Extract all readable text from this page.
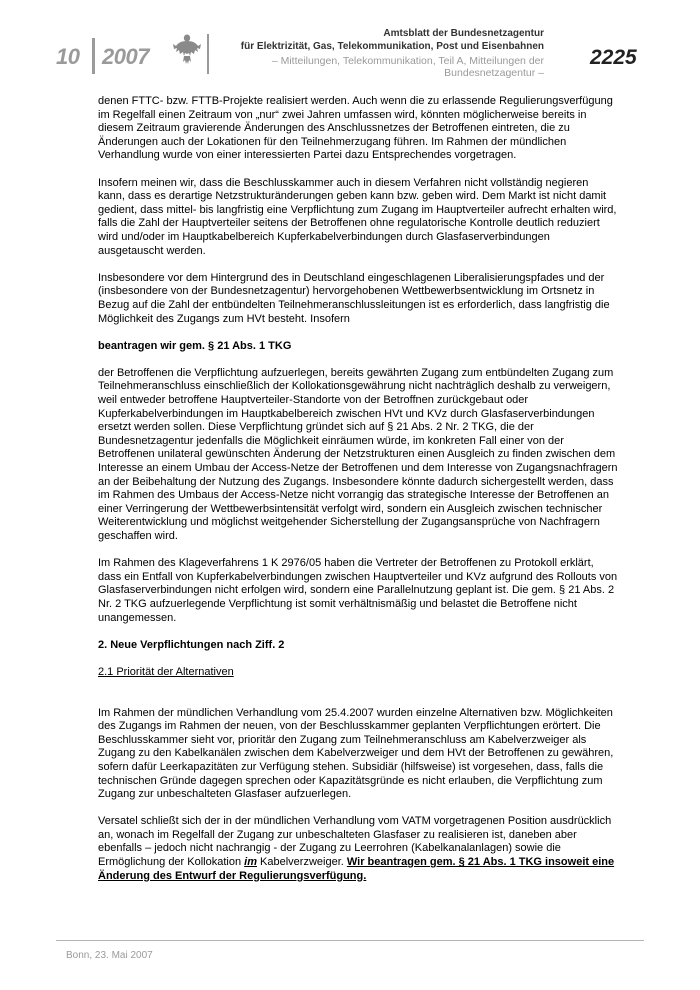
10 2007
Amtsblatt der Bundesnetzagentur
für Elektrizität, Gas, Telekommunikation, Post und Eisenbahnen
– Mitteilungen, Telekommunikation, Teil A, Mitteilungen der Bundesnetzagentur –
2225

denen FTTC- bzw. FTTB-Projekte realisiert werden. Auch wenn die zu erlassende Regulierungsverfügung im Regelfall einen Zeitraum von „nur“ zwei Jahren umfassen wird, könnten möglicherweise bereits in diesem Zeitraum gravierende Änderungen des Anschlussnetzes der Betroffenen eintreten, die zu Änderungen auch der Lokationen für den Teilnehmerzugang führen. Im Rahmen der mündlichen Verhandlung wurde von einer interessierten Partei dazu Entsprechendes vorgetragen.

Insofern meinen wir, dass die Beschlusskammer auch in diesem Verfahren nicht vollständig negieren kann, dass es derartige Netzstrukturänderungen geben kann bzw. geben wird. Dem Markt ist nicht damit gedient, dass mittel- bis langfristig eine Verpflichtung zum Zugang im Hauptverteiler aufrecht erhalten wird, falls die Zahl der Hauptverteiler seitens der Betroffenen ohne regulatorische Kontrolle deutlich reduziert wird und/oder im Hauptkabelbereich Kupferkabelverbindungen durch Glasfaserverbindungen ausgetauscht werden.

Insbesondere vor dem Hintergrund des in Deutschland eingeschlagenen Liberalisierungspfades und der (insbesondere von der Bundesnetzagentur) hervorgehobenen Wettbewerbsentwicklung im Ortsnetz in Bezug auf die Zahl der entbündelten Teilnehmeranschlussleitungen ist es erforderlich, dass langfristig die Möglichkeit des Zugangs zum HVt besteht. Insofern

beantragen wir gem. § 21 Abs. 1 TKG

der Betroffenen die Verpflichtung aufzuerlegen, bereits gewährten Zugang zum entbündelten Zugang zum Teilnehmeranschluss einschließlich der Kollokationsgewährung nicht nachträglich deshalb zu verweigern, weil entweder betroffene Hauptverteiler-Standorte von der Betroffnen zurückgebaut oder Kupferkabelverbindungen im Hauptkabelbereich zwischen HVt und KVz durch Glasfaserverbindungen ersetzt werden sollen. Diese Verpflichtung gründet sich auf § 21 Abs. 2 Nr. 2 TKG, die der Bundesnetzagentur jedenfalls die Möglichkeit einräumen würde, im konkreten Fall einer von der Betroffenen unilateral gewünschten Änderung der Netzstrukturen einen Ausgleich zu finden zwischen dem Interesse an einem Umbau der Access-Netze der Betroffenen und dem Interesse von Zugangsnachfragern an der Beibehaltung der Nutzung des Zugangs. Insbesondere könnte dadurch sichergestellt werden, dass im Rahmen des Umbaus der Access-Netze nicht vorrangig das strategische Interesse der Betroffenen an einer Verringerung der Wettbewerbsintensität verfolgt wird, sondern ein Ausgleich zwischen technischer Weiterentwicklung und möglichst weitgehender Sicherstellung der Zugangsansprüche von Nachfragern geschaffen wird.

Im Rahmen des Klageverfahrens 1 K 2976/05 haben die Vertreter der Betroffenen zu Protokoll erklärt, dass ein Entfall von Kupferkabelverbindungen zwischen Hauptverteiler und KVz aufgrund des Rollouts von Glasfaserverbindungen nicht erfolgen wird, sondern eine Parallelnutzung geplant ist. Die gem. § 21 Abs. 2 Nr. 2 TKG aufzuerlegende Verpflichtung ist somit verhältnismäßig und belastet die Betroffene nicht unangemessen.

2. Neue Verpflichtungen nach Ziff. 2

2.1 Priorität der Alternativen

Im Rahmen der mündlichen Verhandlung vom 25.4.2007 wurden einzelne Alternativen bzw. Möglichkeiten des Zugangs im Rahmen der neuen, von der Beschlusskammer geplanten Verpflichtungen erörtert. Die Beschlusskammer sieht vor, prioritär den Zugang zum Teilnehmeranschluss am Kabelverzweiger als Zugang zu den Kabelkanälen zwischen dem Kabelverzweiger und dem HVt der Betroffenen zu gewähren, sofern dafür Leerkapazitäten zur Verfügung stehen. Subsidiär (hilfsweise) ist vorgesehen, dass, falls die technischen Gründe dagegen sprechen oder Kapazitätsgründe es nicht erlauben, die Verpflichtung zum Zugang zur unbeschalteten Glasfaser aufzuerlegen.

Versatel schließt sich der in der mündlichen Verhandlung vom VATM vorgetragenen Position ausdrücklich an, wonach im Regelfall der Zugang zur unbeschalteten Glasfaser zu realisieren ist, daneben aber ebenfalls – jedoch nicht nachrangig - der Zugang zu Leerrohren (Kabelkanalanlagen) sowie die Ermöglichung der Kollokation im Kabelverzweiger. Wir beantragen gem. § 21 Abs. 1 TKG insoweit eine Änderung des Entwurf der Regulierungsverfügung.

Bonn, 23. Mai 2007
